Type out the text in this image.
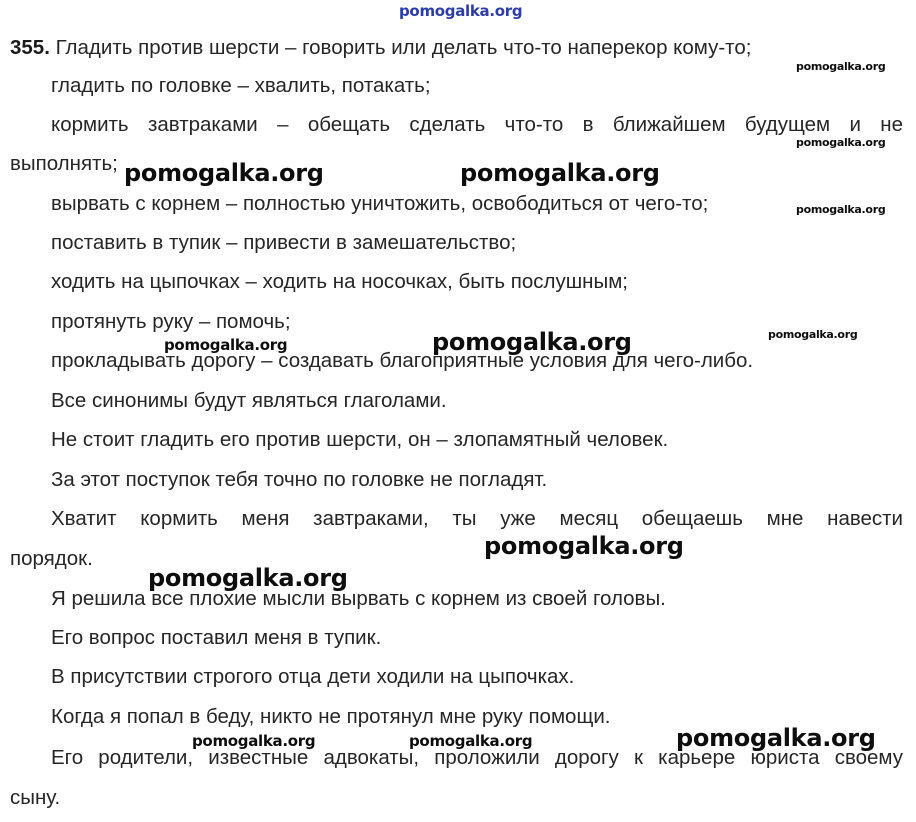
355. Гладить против шерсти – говорить или делать что-то наперекор кому-то;
гладить по головке – хвалить, потакать;
кормить завтраками – обещать сделать что-то в ближайшем будущем и не
выполнять;
вырвать с корнем – полностью уничтожить, освободиться от чего-то;
поставить в тупик – привести в замешательство;
ходить на цыпочках – ходить на носочках, быть послушным;
протянуть руку – помочь;
прокладывать дорогу – создавать благоприятные условия для чего-либо.
Все синонимы будут являться глаголами.
Не стоит гладить его против шерсти, он – злопамятный человек.
За этот поступок тебя точно по головке не погладят.
Хватит кормить меня завтраками, ты уже месяц обещаешь мне навести
порядок.
Я решила все плохие мысли вырвать с корнем из своей головы.
Его вопрос поставил меня в тупик.
В присутствии строгого отца дети ходили на цыпочках.
Когда я попал в беду, никто не протянул мне руку помощи.
Его родители, известные адвокаты, проложили дорогу к карьере юриста своему
сыну.
pomogalka.org
pomogalka.org
pomogalka.org
pomogalka.org	pomogalka.org
pomogalka.org
pomogalka.org
pomogalka.org
pomogalka.org
pomogalka.org
pomogalka.org
pomogalka.org	pomogalka.org	pomogalka.org
